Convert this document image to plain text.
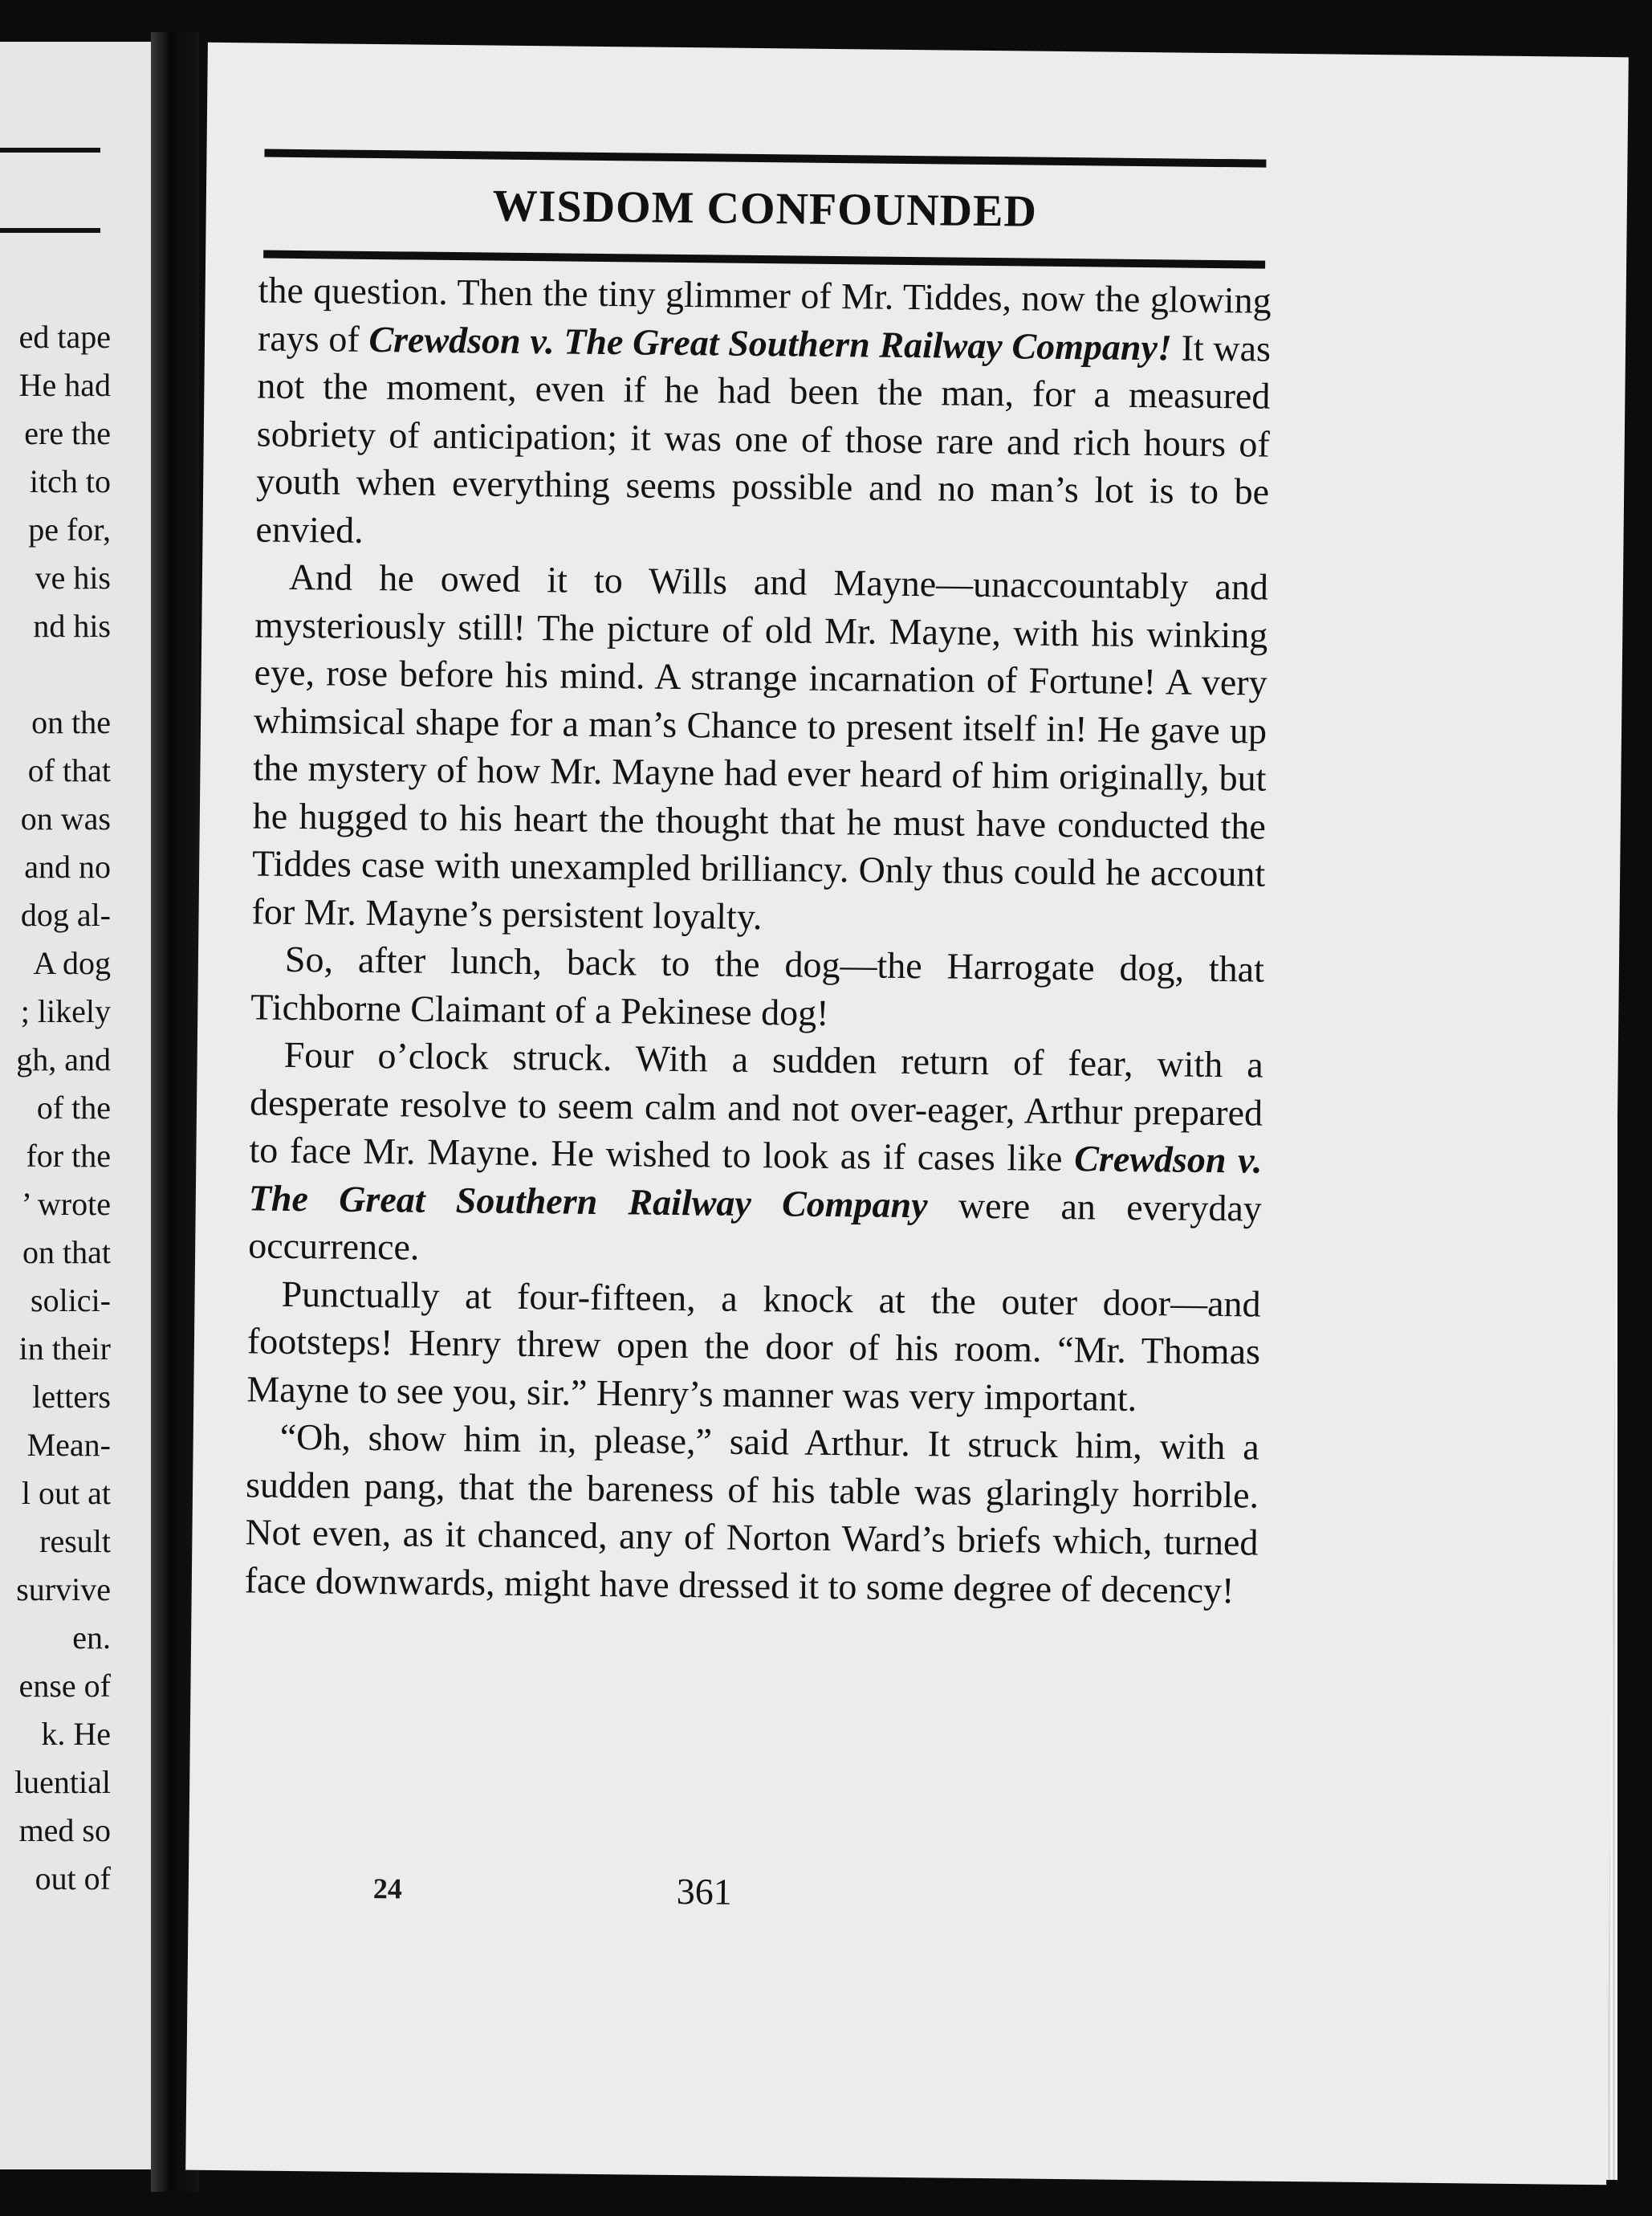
ed tape
He had
ere the
itch to
pe for,
ve his
nd his
on the
of that
on was
and no
dog al-
A dog
; likely
gh, and
of the
for the
’ wrote
on that
solici-
in their
letters
Mean-
l out at
result
survive
en.
ense of
k. He
luential
med so
out of
WISDOM CONFOUNDED

the question. Then the tiny glimmer of Mr. Tiddes, now the glowing rays of Crewdson v. The Great Southern Railway Company! It was not the moment, even if he had been the man, for a measured sobriety of anticipation; it was one of those rare and rich hours of youth when everything seems possible and no man’s lot is to be envied.

And he owed it to Wills and Mayne—unaccountably and mysteriously still! The picture of old Mr. Mayne, with his winking eye, rose before his mind. A strange incarnation of Fortune! A very whimsical shape for a man’s Chance to present itself in! He gave up the mystery of how Mr. Mayne had ever heard of him originally, but he hugged to his heart the thought that he must have conducted the Tiddes case with unexampled brilliancy. Only thus could he account for Mr. Mayne’s persistent loyalty.

So, after lunch, back to the dog—the Harrogate dog, that Tichborne Claimant of a Pekinese dog!

Four o’clock struck. With a sudden return of fear, with a desperate resolve to seem calm and not over-eager, Arthur prepared to face Mr. Mayne. He wished to look as if cases like Crewdson v. The Great Southern Railway Company were an everyday occurrence.

Punctually at four-fifteen, a knock at the outer door—and footsteps! Henry threw open the door of his room. “Mr. Thomas Mayne to see you, sir.” Henry’s manner was very important.

“Oh, show him in, please,” said Arthur. It struck him, with a sudden pang, that the bareness of his table was glaringly horrible. Not even, as it chanced, any of Norton Ward’s briefs which, turned face downwards, might have dressed it to some degree of decency!

24	361
